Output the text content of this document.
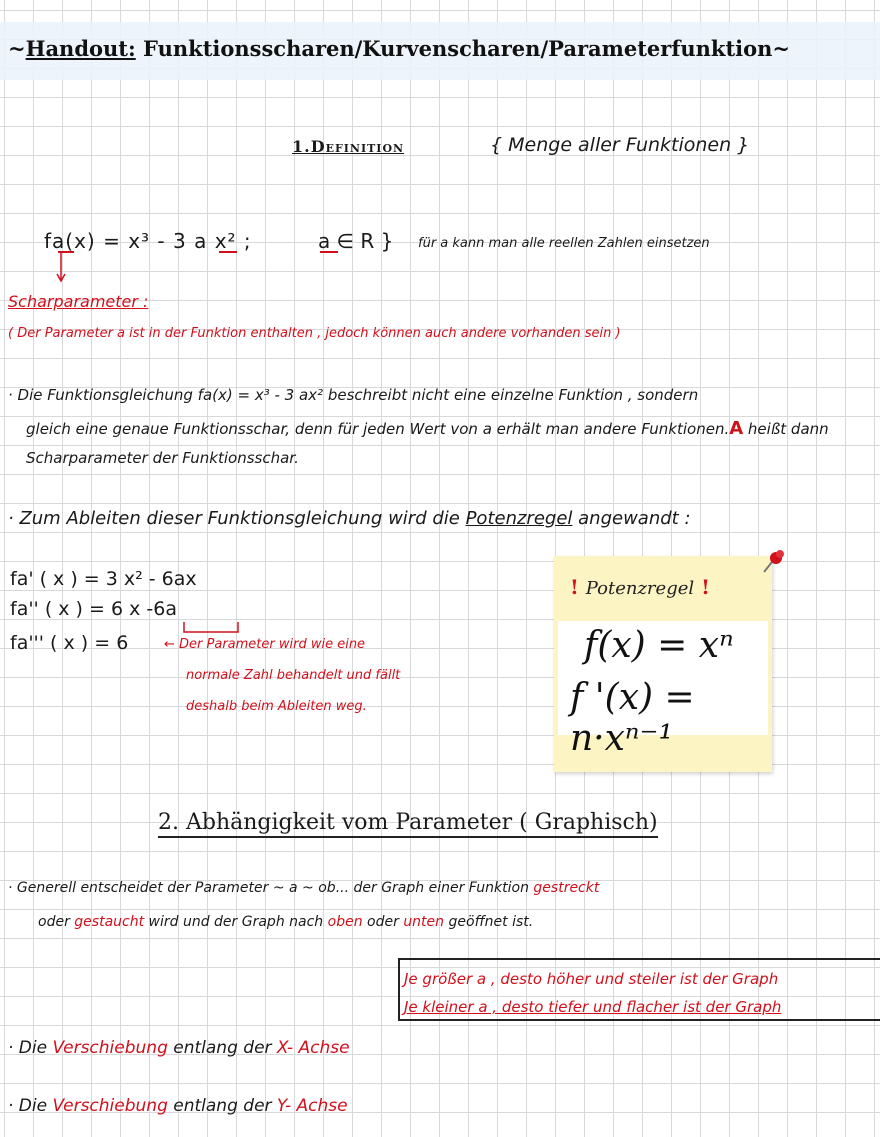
~Handout: Funktionsscharen/Kurvenscharen/Parameterfunktion~
1.Definition	{ Menge aller Funktionen }
fa(x) = x³ - 3 a x² ;	a ∈ R } für a kann man alle reellen Zahlen einsetzen
Scharparameter :
( Der Parameter a ist in der Funktion enthalten , jedoch können auch andere vorhanden sein )
· Die Funktionsgleichung fa(x) = x³ - 3 ax² beschreibt nicht eine einzelne Funktion , sondern
gleich eine genaue Funktionsschar, denn für jeden Wert von a erhält man andere Funktionen.A heißt dann
Scharparameter der Funktionsschar.
· Zum Ableiten dieser Funktionsgleichung wird die Potenzregel angewandt :
fa' ( x ) = 3 x² - 6ax
fa'' ( x ) = 6 x -6a
fa''' ( x ) = 6	← Der Parameter wird wie eine
normale Zahl behandelt und fällt
deshalb beim Ableiten weg.
! Potenzregel !
f(x) = xⁿ
f '(x) = n·xⁿ⁻¹
2. Abhängigkeit vom Parameter ( Graphisch)
· Generell entscheidet der Parameter ~ a ~ ob... der Graph einer Funktion gestreckt
oder gestaucht wird und der Graph nach oben oder unten geöffnet ist.
Je größer a , desto höher und steiler ist der Graph
Je kleiner a , desto tiefer und flacher ist der Graph
· Die Verschiebung entlang der X- Achse
· Die Verschiebung entlang der Y- Achse
